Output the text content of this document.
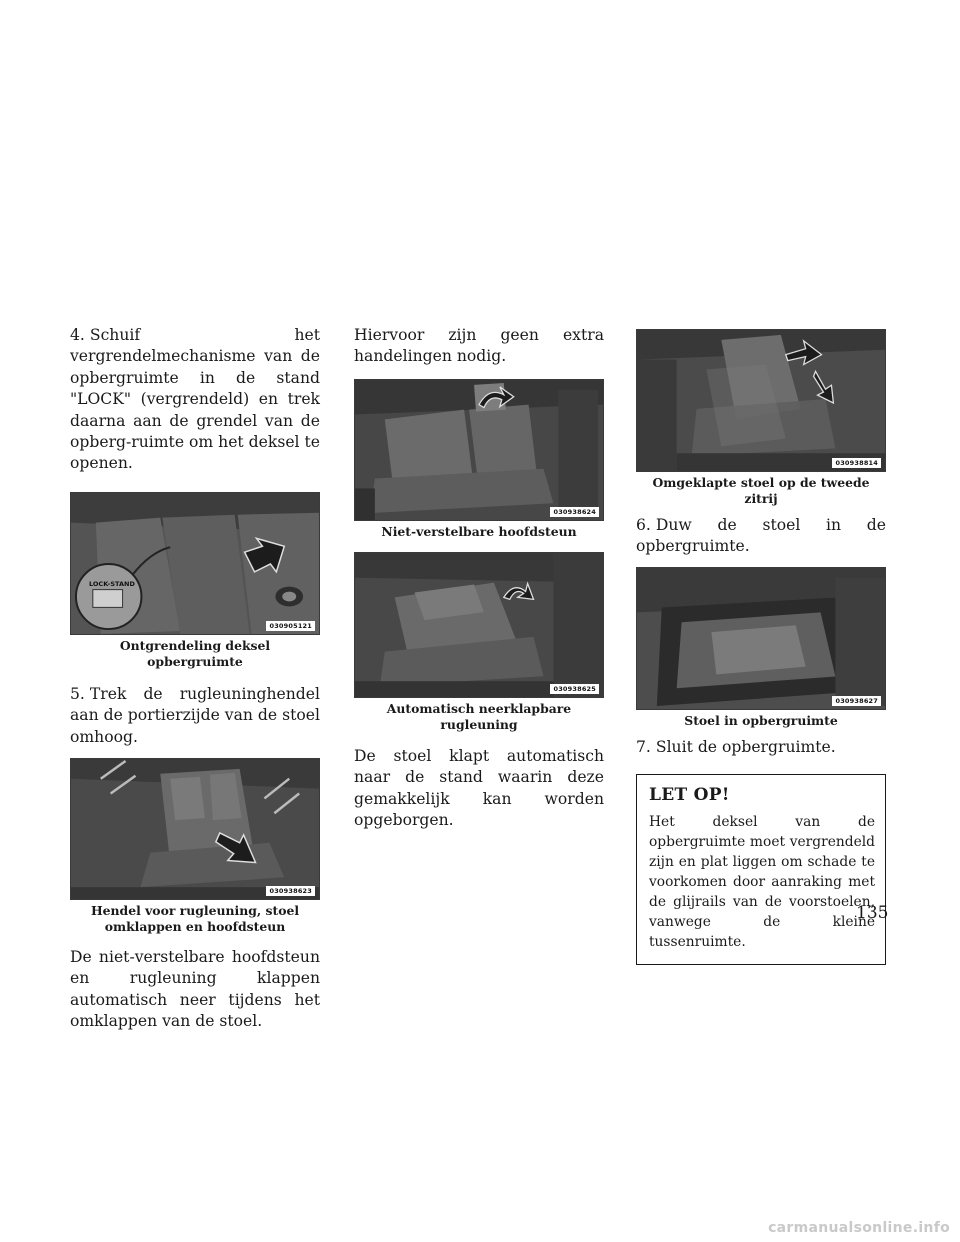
4. Schuif het vergrendelmechanisme van de opbergruimte in de stand "LOCK" (vergrendeld) en trek daarna aan de grendel van de opberg-ruimte om het deksel te openen.

LOCK-STAND
030905121

Ontgrendeling deksel opbergruimte

5. Trek de rugleuninghendel aan de portierzijde van de stoel omhoog.

030938623

Hendel voor rugleuning, stoel
omklappen en hoofdsteun

De niet-verstelbare hoofdsteun en rugleuning klappen automatisch neer tijdens het omklappen van de stoel.

Hiervoor zijn geen extra handelingen nodig.

030938624

Niet-verstelbare hoofdsteun

030938625

Automatisch neerklapbare
rugleuning

De stoel klapt automatisch naar de stand waarin deze gemakkelijk kan worden opgeborgen.

030938814

Omgeklapte stoel op de tweede zitrij

6. Duw de stoel in de opbergruimte.

030938627

Stoel in opbergruimte

7. Sluit de opbergruimte.

LET OP!

Het deksel van de opbergruimte moet vergrendeld zijn en plat liggen om schade te voorkomen door aanraking met de glijrails van de voorstoelen, vanwege de kleine tussenruimte.

135
carmanualsonline.info
